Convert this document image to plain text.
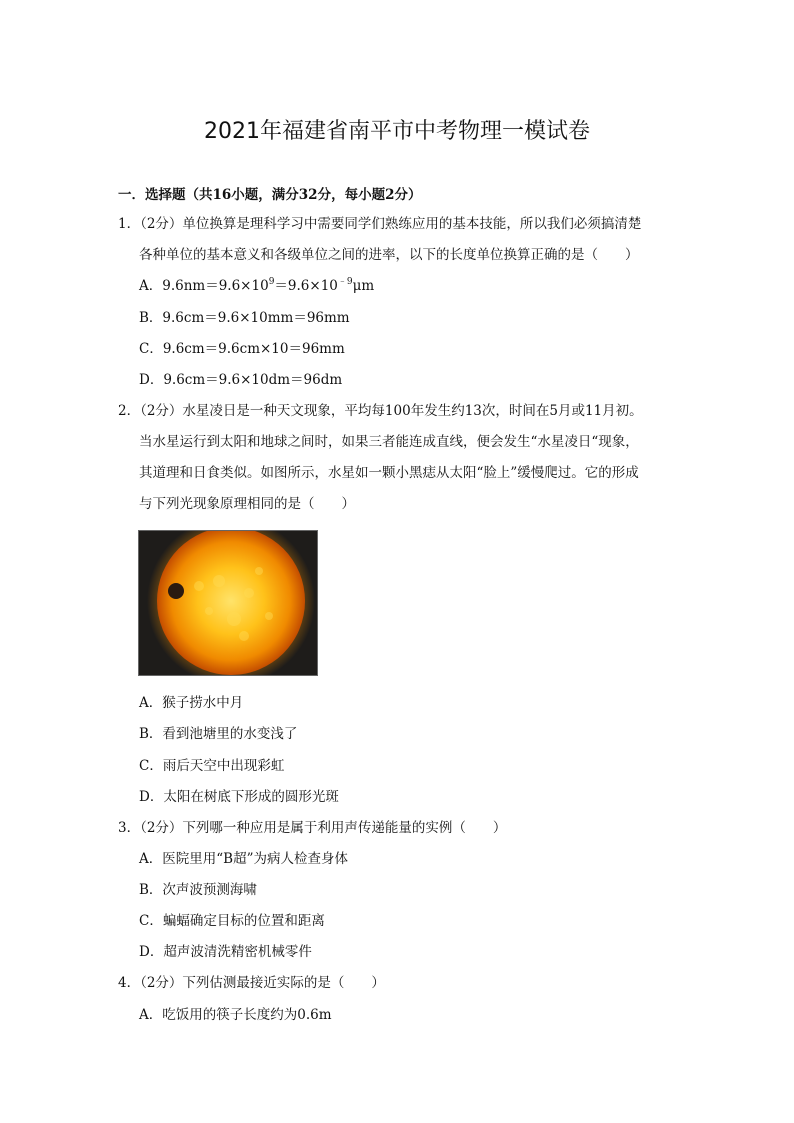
2021年福建省南平市中考物理一模试卷
一．选择题（共16小题，满分32分，每小题2分）
1．（2分）单位换算是理科学习中需要同学们熟练应用的基本技能，所以我们必须搞清楚
各种单位的基本意义和各级单位之间的进率，以下的长度单位换算正确的是（　　）
A．$9.6nm=9.6\times 10^9=9.6\times 10^{﹣9}\mu m$
B．9.6cm＝9.6×10mm＝96mm
C．9.6cm＝9.6cm×10＝96mm
D．9.6cm＝9.6×10dm＝96dm
2．（2分）水星凌日是一种天文现象，平均每100年发生约13次，时间在5月或11月初。
当水星运行到太阳和地球之间时，如果三者能连成直线，便会发生“水星凌日“现象，
其道理和日食类似。如图所示，水星如一颗小黑痣从太阳“脸上”缓慢爬过。它的形成
与下列光现象原理相同的是（　　）
A．猴子捞水中月
B．看到池塘里的水变浅了
C．雨后天空中出现彩虹
D．太阳在树底下形成的圆形光斑
3．（2分）下列哪一种应用是属于利用声传递能量的实例（　　）
A．医院里用“B超”为病人检查身体
B．次声波预测海啸
C．蝙蝠确定目标的位置和距离
D．超声波清洗精密机械零件
4．（2分）下列估测最接近实际的是（　　）
A．吃饭用的筷子长度约为0.6m
